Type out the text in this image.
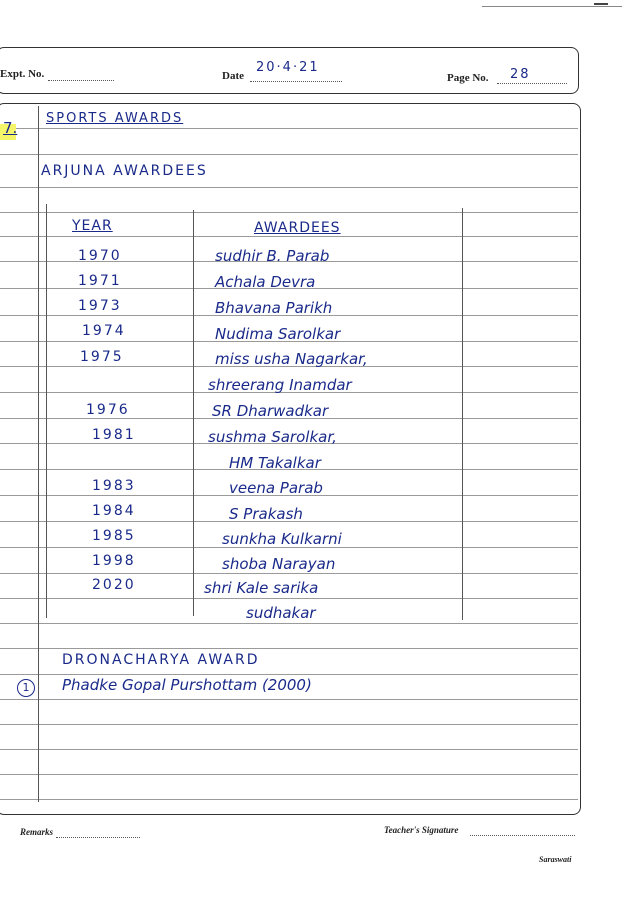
Expt. No.	Date
20·4·21
Page No. 28
7.
SPORTS AWARDS
ARJUNA AWARDEES
YEAR	AWARDEES
1970	sudhir B. Parab
1971	Achala Devra
1973	Bhavana Parikh
1974	Nudima Sarolkar
1975	miss usha Nagarkar,
shreerang Inamdar
1976	SR Dharwadkar
1981	sushma Sarolkar,
HM Takalkar
1983	veena Parab
1984	S Prakash
1985	sunkha Kulkarni
1998	shoba Narayan
2020	shri Kale sarika
sudhakar
DRONACHARYA AWARD
1	Phadke Gopal Purshottam (2000)
Remarks	Teacher's Signature
Saraswati
